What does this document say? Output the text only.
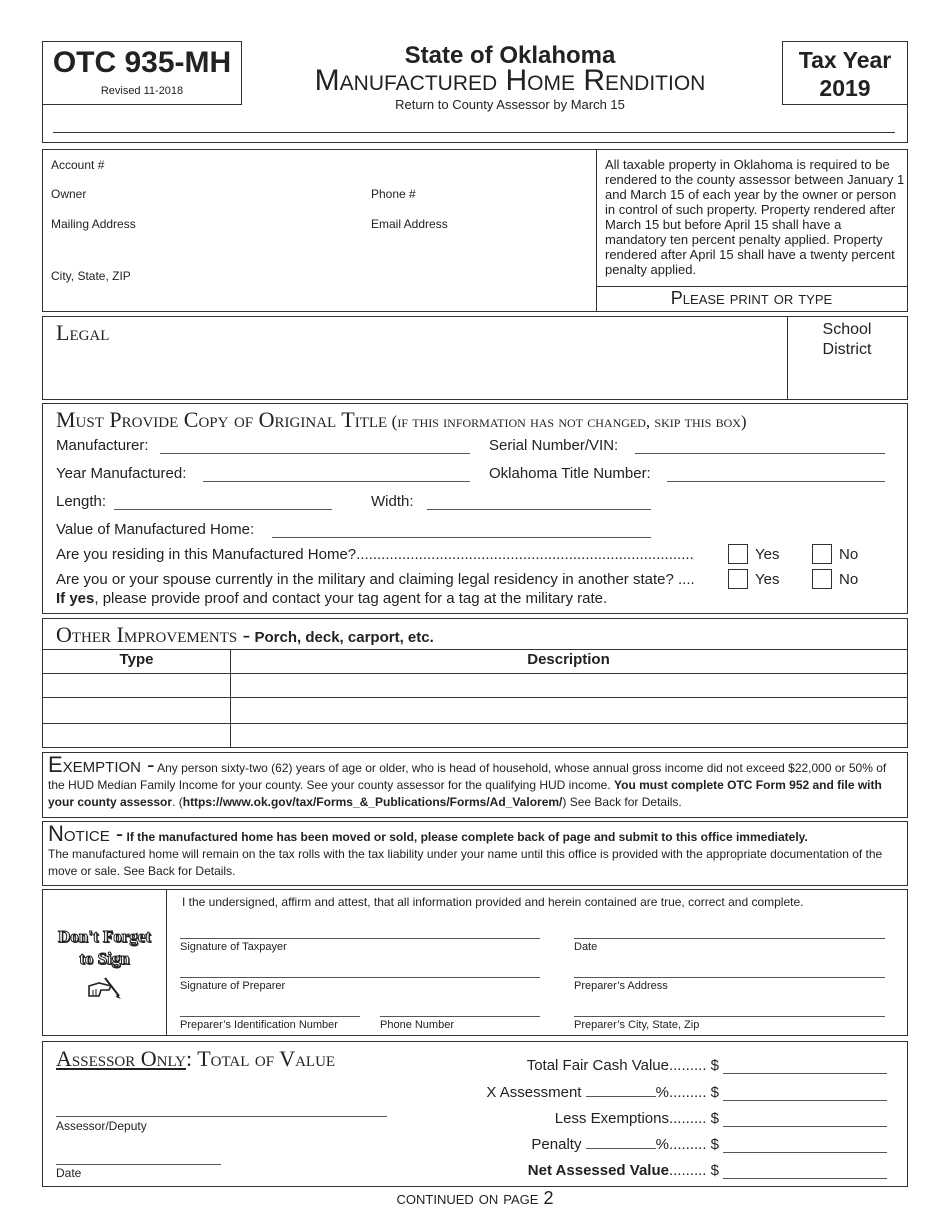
OTC 935-MH
Revised 11-2018
State of Oklahoma
Manufactured Home Rendition
Return to County Assessor by March 15
Tax Year
2019
Account #
Owner	Phone #
Mailing Address	Email Address
City, State, ZIP
All taxable property in Oklahoma is required to be rendered to the county assessor between January 1 and March 15 of each year by the owner or person in control of such property. Property rendered after March 15 but before April 15 shall have a mandatory ten percent penalty applied. Property rendered after April 15 shall have a twenty percent penalty applied.
Please print or type
Legal	School
District
Must Provide Copy of Original Title (if this information has not changed, skip this box)
Manufacturer:	Serial Number/VIN:
Year Manufactured:	Oklahoma Title Number:
Length:	Width:
Value of Manufactured Home:
Are you residing in this Manufactured Home?.................................................................................	Yes	No
Are you or your spouse currently in the military and claiming legal residency in another state? ....	Yes	No
If yes, please provide proof and contact your tag agent for a tag at the military rate.
Other Improvements - Porch, deck, carport, etc.
Type	Description
Exemption - Any person sixty-two (62) years of age or older, who is head of household, whose annual gross income did not exceed $22,000 or 50% of the HUD Median Family Income for your county. See your county assessor for the qualifying HUD income. You must complete OTC Form 952 and file with your county assessor. (https://www.ok.gov/tax/Forms_&_Publications/Forms/Ad_Valorem/) See Back for Details.
Notice - If the manufactured home has been moved or sold, please complete back of page and submit to this office immediately.
The manufactured home will remain on the tax rolls with the tax liability under your name until this office is provided with the appropriate documentation of the move or sale. See Back for Details.
Don't Forget
to Sign
I the undersigned, affirm and attest, that all information provided and herein contained are true, correct and complete.
Signature of Taxpayer	Date
Signature of Preparer	Preparer’s Address
Preparer’s Identification Number	Phone Number	Preparer’s City, State, Zip
Assessor Only: Total of Value
Assessor/Deputy
Date
Total Fair Cash Value......... $
X Assessment	%......... $
Less Exemptions......... $
Penalty	%......... $
Net Assessed Value......... $
continued on page 2
